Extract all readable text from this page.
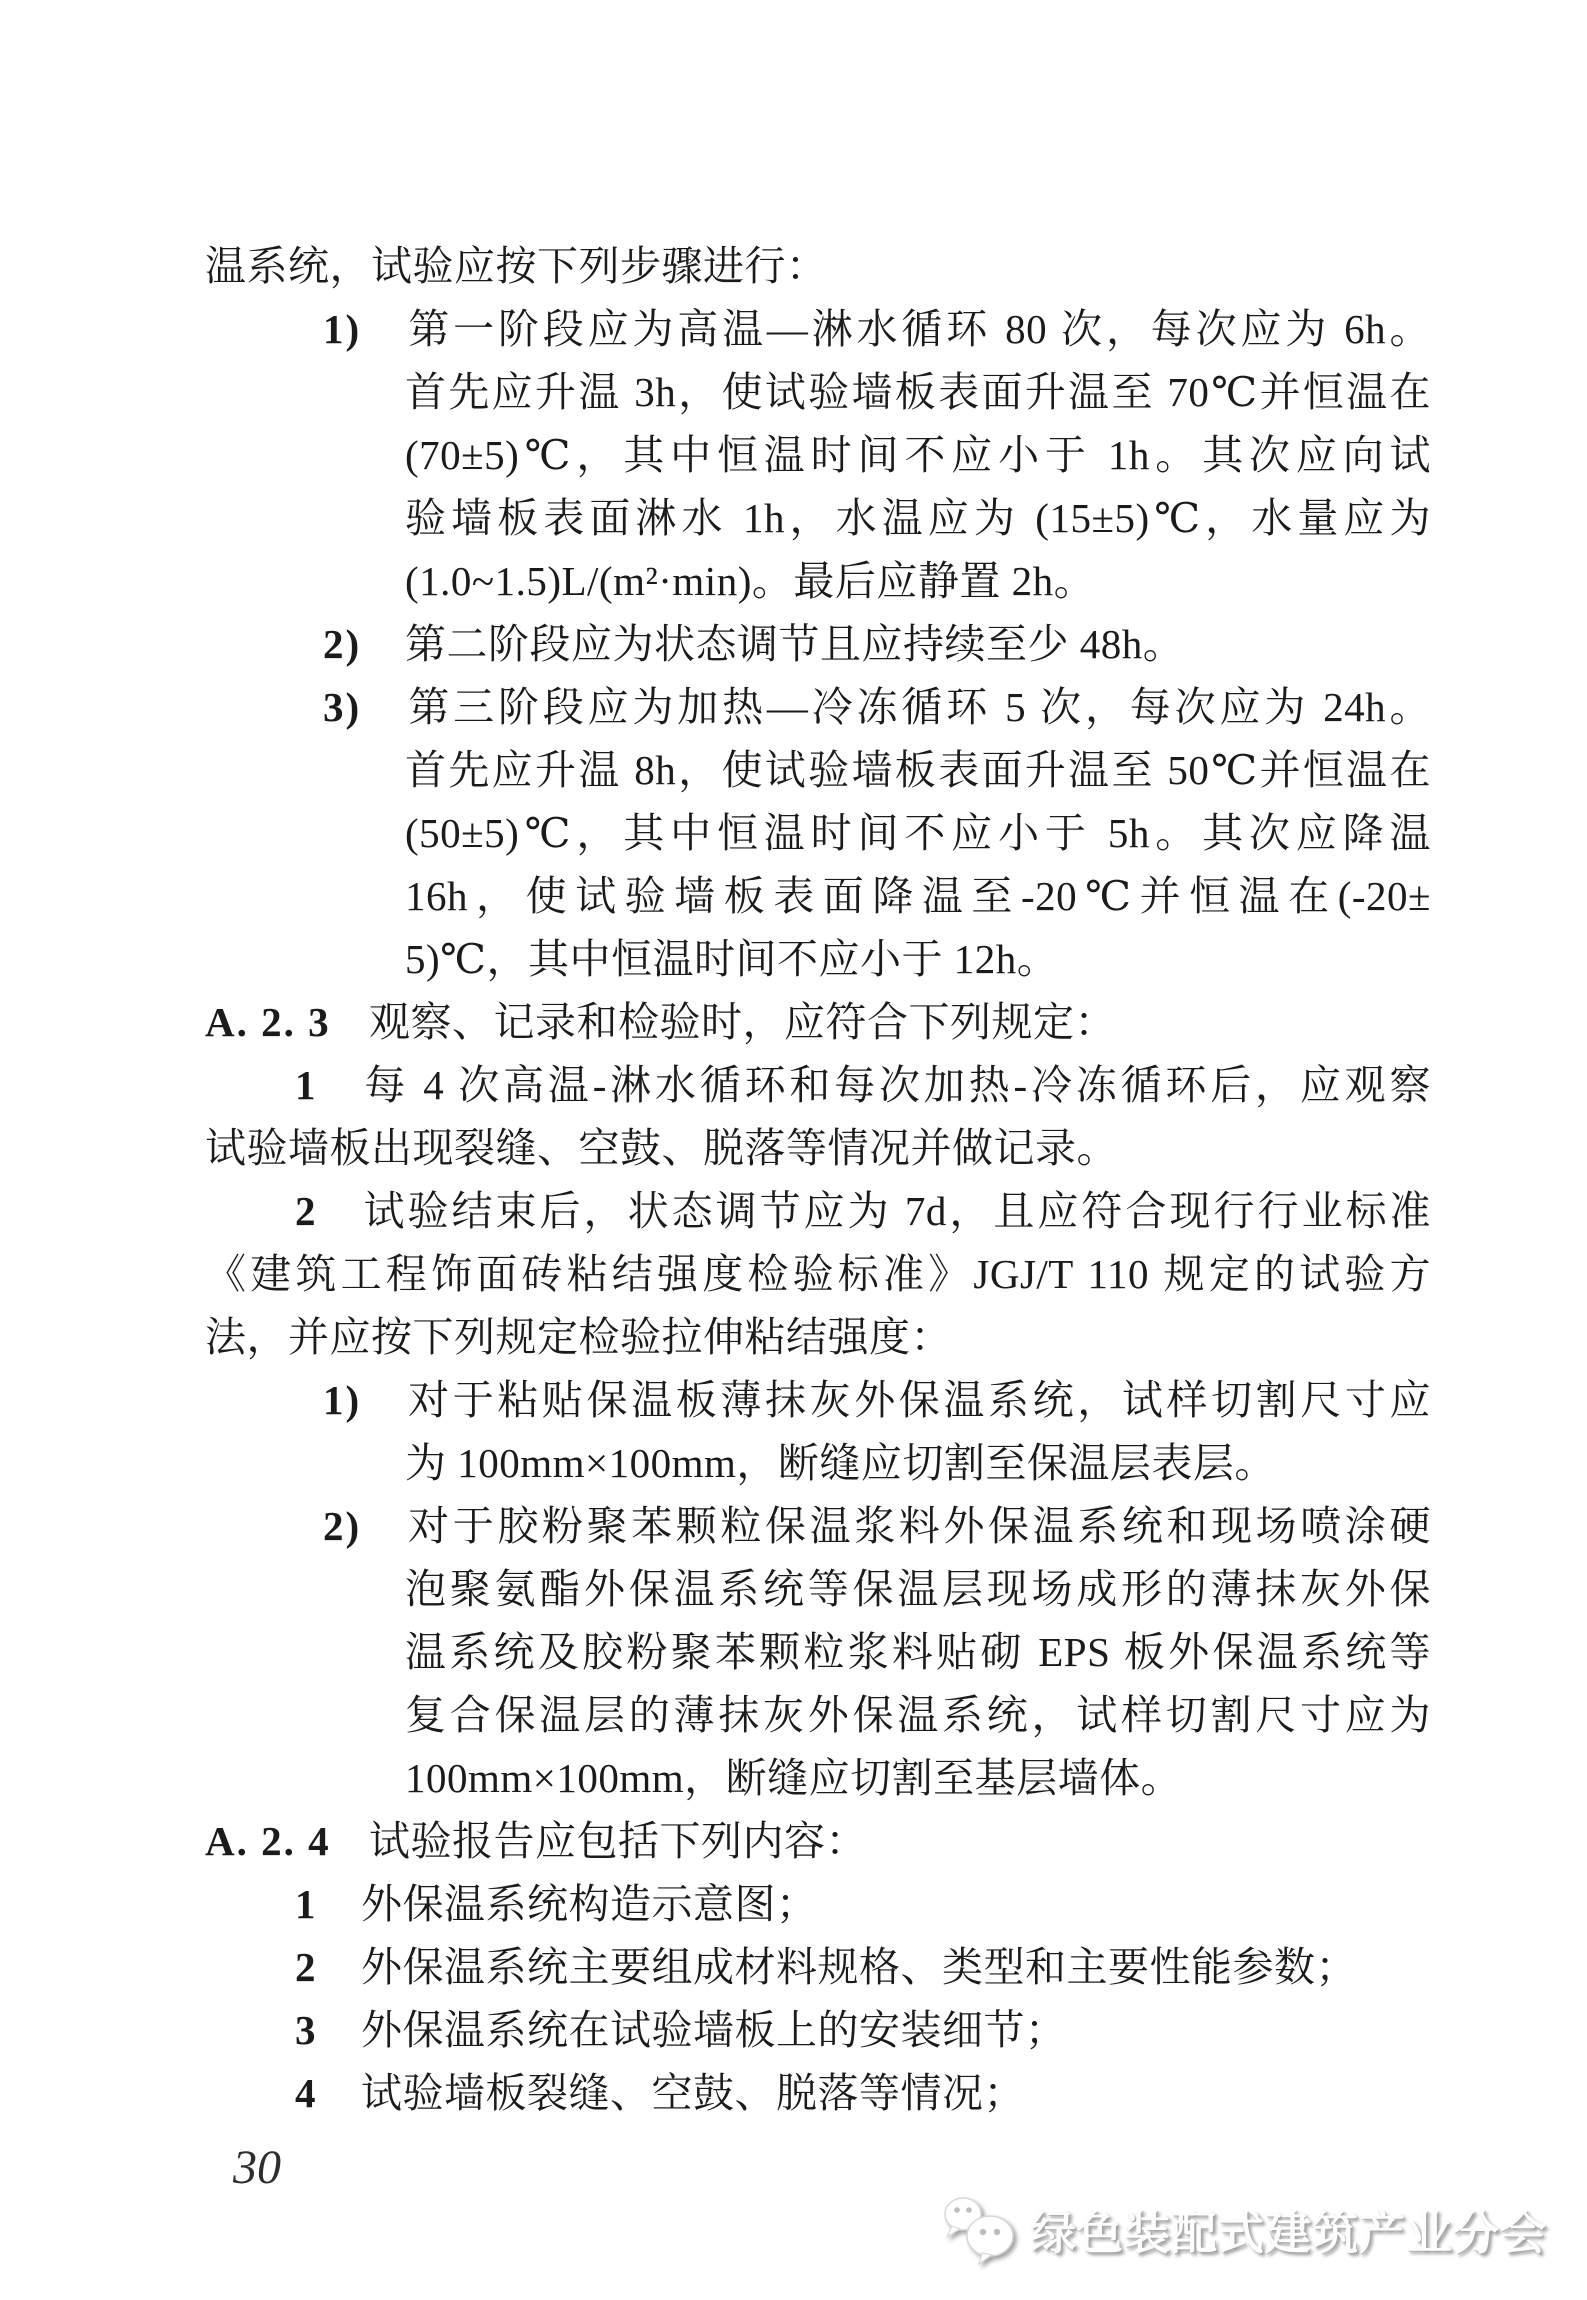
温系统，试验应按下列步骤进行：
1) 第一阶段应为高温—淋水循环 80 次，每次应为 6h。
首先应升温 3h，使试验墙板表面升温至 70℃并恒温在
(70±5)℃，其中恒温时间不应小于 1h。其次应向试
验墙板表面淋水 1h，水温应为 (15±5)℃，水量应为
(1.0~1.5)L/(m²·min)。最后应静置 2h。
2) 第二阶段应为状态调节且应持续至少 48h。
3) 第三阶段应为加热—冷冻循环 5 次，每次应为 24h。
首先应升温 8h，使试验墙板表面升温至 50℃并恒温在
(50±5)℃，其中恒温时间不应小于 5h。其次应降温
16h，使试验墙板表面降温至-20℃并恒温在(-20±
5)℃，其中恒温时间不应小于 12h。
A. 2. 3 观察、记录和检验时，应符合下列规定：
1 每 4 次高温-淋水循环和每次加热-冷冻循环后，应观察
试验墙板出现裂缝、空鼓、脱落等情况并做记录。
2 试验结束后，状态调节应为 7d，且应符合现行行业标准
《建筑工程饰面砖粘结强度检验标准》JGJ/T 110 规定的试验方
法，并应按下列规定检验拉伸粘结强度：
1) 对于粘贴保温板薄抹灰外保温系统，试样切割尺寸应
为 100mm×100mm，断缝应切割至保温层表层。
2) 对于胶粉聚苯颗粒保温浆料外保温系统和现场喷涂硬
泡聚氨酯外保温系统等保温层现场成形的薄抹灰外保
温系统及胶粉聚苯颗粒浆料贴砌 EPS 板外保温系统等
复合保温层的薄抹灰外保温系统，试样切割尺寸应为
100mm×100mm，断缝应切割至基层墙体。
A. 2. 4 试验报告应包括下列内容：
1 外保温系统构造示意图；
2 外保温系统主要组成材料规格、类型和主要性能参数；
3 外保温系统在试验墙板上的安装细节；
4 试验墙板裂缝、空鼓、脱落等情况；
30
绿色装配式建筑产业分会
